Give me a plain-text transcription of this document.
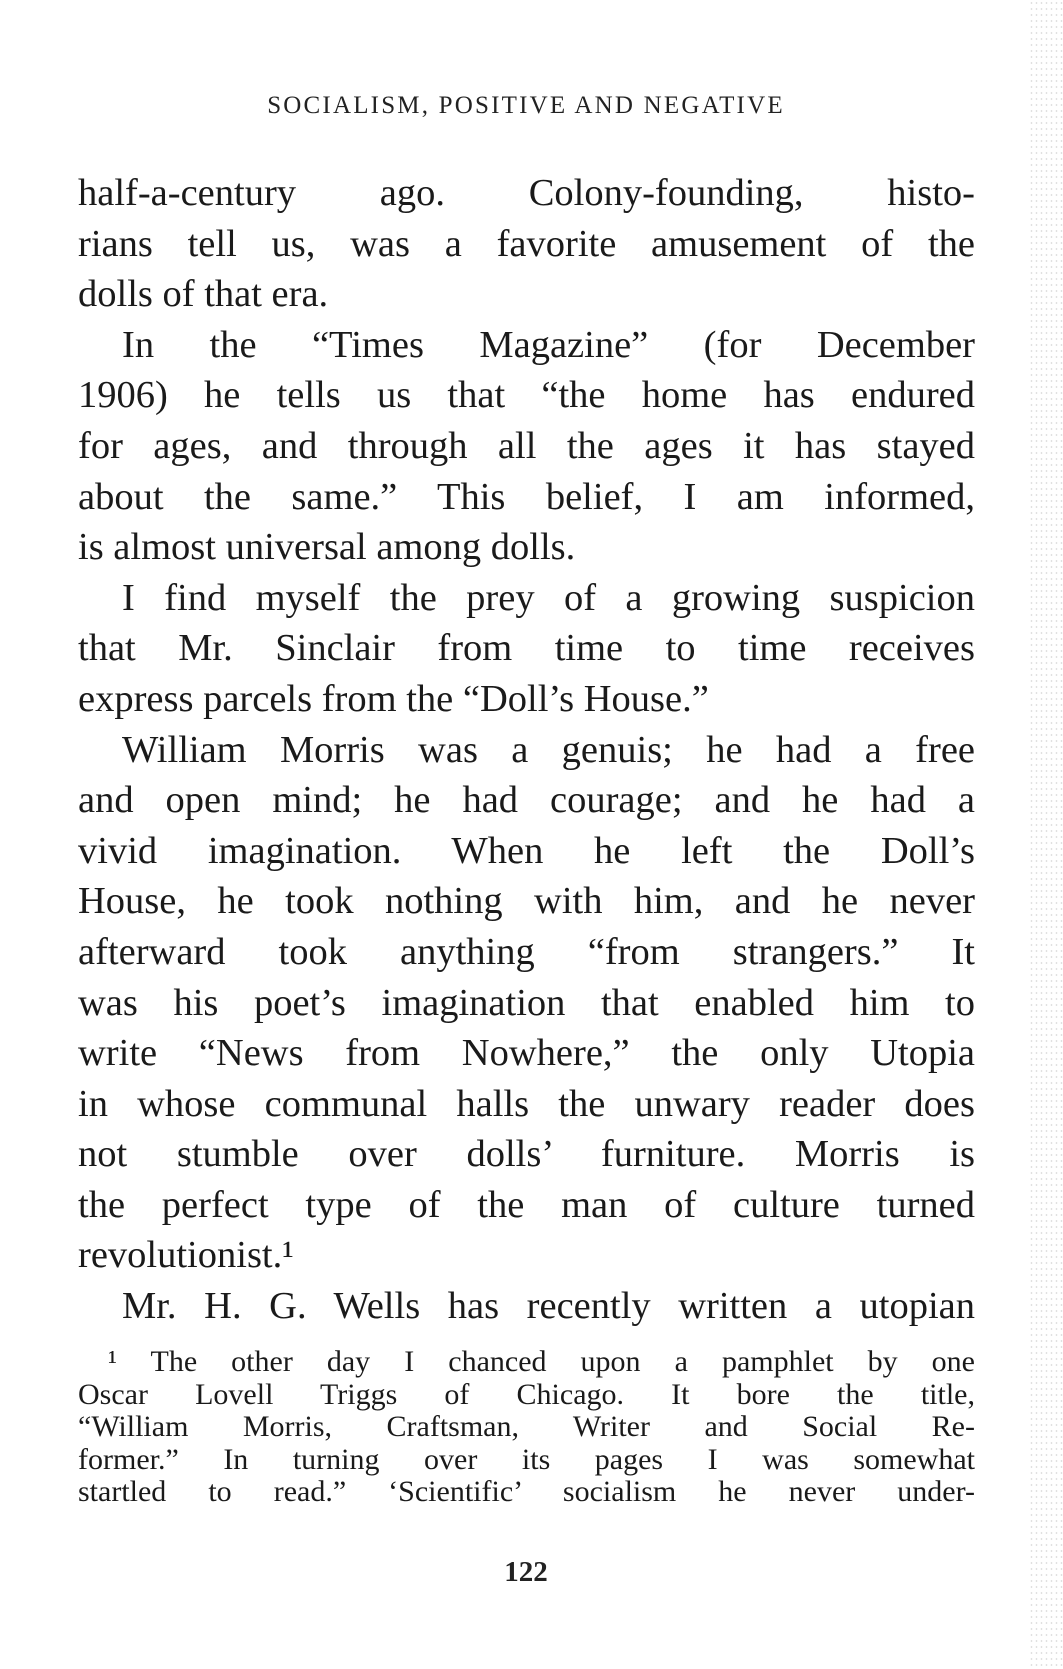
SOCIALISM, POSITIVE AND NEGATIVE
half-a-century ago. Colony-founding, histo-
rians tell us, was a favorite amusement of the
dolls of that era.
In the “Times Magazine” (for December
1906) he tells us that “the home has endured
for ages, and through all the ages it has stayed
about the same.” This belief, I am informed,
is almost universal among dolls.
I find myself the prey of a growing suspicion
that Mr. Sinclair from time to time receives
express parcels from the “Doll’s House.”
William Morris was a genuis; he had a free
and open mind; he had courage; and he had a
vivid imagination. When he left the Doll’s
House, he took nothing with him, and he never
afterward took anything “from strangers.” It
was his poet’s imagination that enabled him to
write “News from Nowhere,” the only Utopia
in whose communal halls the unwary reader does
not stumble over dolls’ furniture. Morris is
the perfect type of the man of culture turned
revolutionist.¹
Mr. H. G. Wells has recently written a utopian
¹ The other day I chanced upon a pamphlet by one
Oscar Lovell Triggs of Chicago. It bore the title,
“William Morris, Craftsman, Writer and Social Re-
former.” In turning over its pages I was somewhat
startled to read.” ‘Scientific’ socialism he never under-
122
